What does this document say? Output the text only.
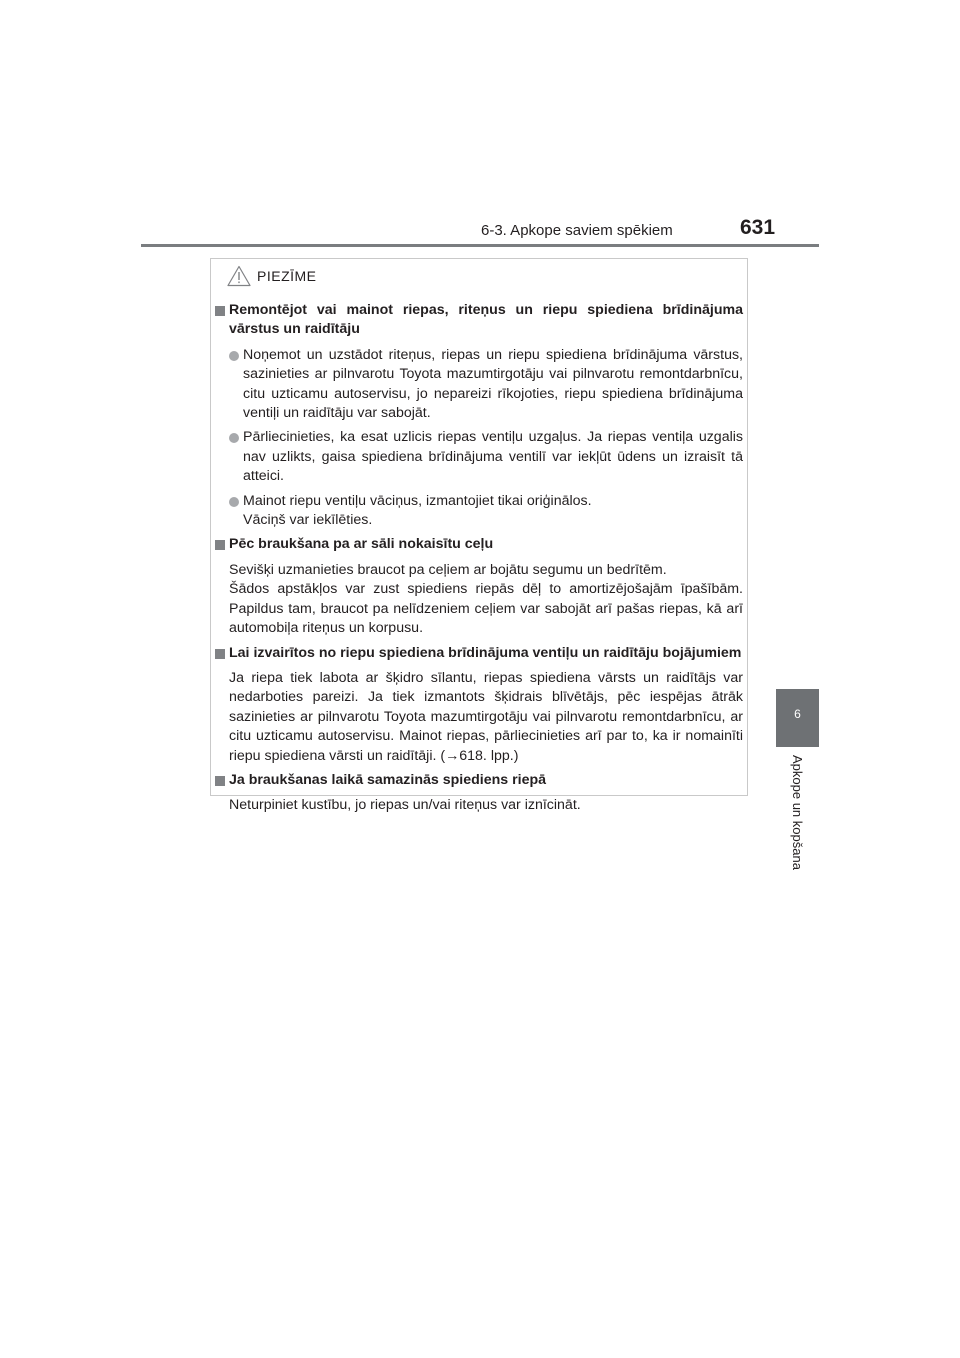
6-3. Apkope saviem spēkiem	631
6
Apkope un kopšana
PIEZĪME
Remontējot vai mainot riepas, riteņus un riepu spiediena brīdinājuma vārstus un raidītāju
Noņemot un uzstādot riteņus, riepas un riepu spiediena brīdinājuma vārstus, sazinieties ar pilnvarotu Toyota mazumtirgotāju vai pilnvarotu remontdarbnīcu, citu uzticamu autoservisu, jo nepareizi rīkojoties, riepu spiediena brīdinājuma ventiļi un raidītāju var sabojāt.
Pārliecinieties, ka esat uzlicis riepas ventiļu uzgaļus. Ja riepas ventiļa uzgalis nav uzlikts, gaisa spiediena brīdinājuma ventilī var iekļūt ūdens un izraisīt tā atteici.
Mainot riepu ventiļu vāciņus, izmantojiet tikai oriģinālos.
Vāciņš var iekīlēties.
Pēc braukšana pa ar sāli nokaisītu ceļu
Sevišķi uzmanieties braucot pa ceļiem ar bojātu segumu un bedrītēm.
Šādos apstākļos var zust spiediens riepās dēļ to amortizējošajām īpašībām. Papildus tam, braucot pa nelīdzeniem ceļiem var sabojāt arī pašas riepas, kā arī automobiļa riteņus un korpusu.
Lai izvairītos no riepu spiediena brīdinājuma ventiļu un raidītāju bojājumiem
Ja riepa tiek labota ar šķidro sīlantu, riepas spiediena vārsts un raidītājs var nedarboties pareizi. Ja tiek izmantots šķidrais blīvētājs, pēc iespējas ātrāk sazinieties ar pilnvarotu Toyota mazumtirgotāju vai pilnvarotu remontdarbnīcu, ar citu uzticamu autoservisu. Mainot riepas, pārliecinieties arī par to, ka ir nomainīti riepu spiediena vārsti un raidītāji. (→618. lpp.)
Ja braukšanas laikā samazinās spiediens riepā
Neturpiniet kustību, jo riepas un/vai riteņus var iznīcināt.
